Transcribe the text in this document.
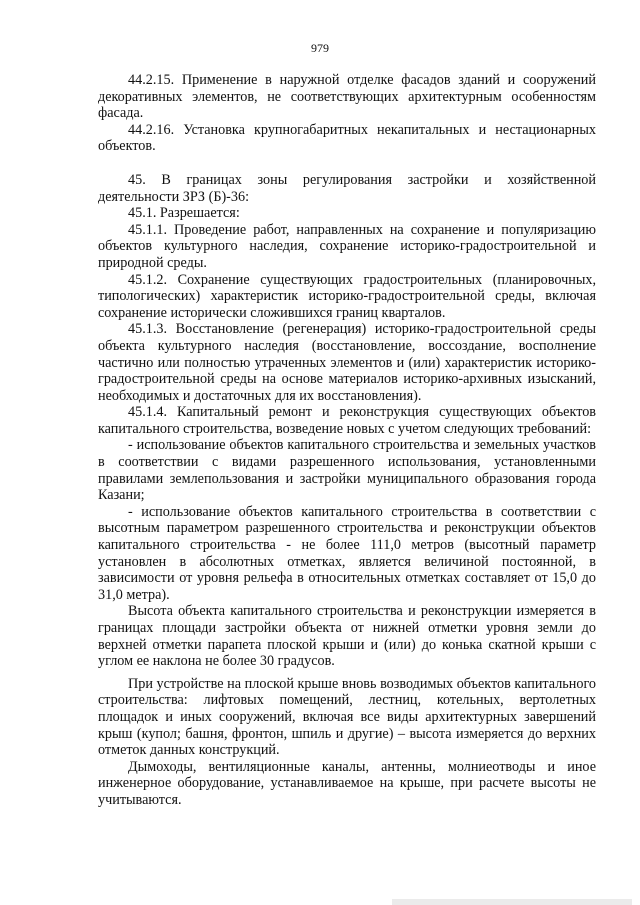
979

44.2.15. Применение в наружной отделке фасадов зданий и сооружений декоративных элементов, не соответствующих архитектурным особенностям фасада.

44.2.16. Установка крупногабаритных некапитальных и нестационарных объектов.

45. В границах зоны регулирования застройки и хозяйственной деятельности ЗРЗ (Б)-36:

45.1. Разрешается:

45.1.1. Проведение работ, направленных на сохранение и популяризацию объектов культурного наследия, сохранение историко-градостроительной и природной среды.

45.1.2. Сохранение существующих градостроительных (планировочных, типологических) характеристик историко-градостроительной среды, включая сохранение исторически сложившихся границ кварталов.

45.1.3. Восстановление (регенерация) историко-градостроительной среды объекта культурного наследия (восстановление, воссоздание, восполнение частично или полностью утраченных элементов и (или) характеристик историко-градостроительной среды на основе материалов историко-архивных изысканий, необходимых и достаточных для их восстановления).

45.1.4. Капитальный ремонт и реконструкция существующих объектов капитального строительства, возведение новых с учетом следующих требований:

- использование объектов капитального строительства и земельных участков в соответствии с видами разрешенного использования, установленными правилами землепользования и застройки муниципального образования города Казани;

- использование объектов капитального строительства в соответствии с высотным параметром разрешенного строительства и реконструкции объектов капитального строительства - не более 111,0 метров (высотный параметр установлен в абсолютных отметках, является величиной постоянной, в зависимости от уровня рельефа в относительных отметках составляет от 15,0 до 31,0 метра).

Высота объекта капитального строительства и реконструкции измеряется в границах площади застройки объекта от нижней отметки уровня земли до верхней отметки парапета плоской крыши и (или) до конька скатной крыши с углом ее наклона не более 30 градусов.

При устройстве на плоской крыше вновь возводимых объектов капитального строительства: лифтовых помещений, лестниц, котельных, вертолетных площадок и иных сооружений, включая все виды архитектурных завершений крыш (купол; башня, фронтон, шпиль и другие) – высота измеряется до верхних отметок данных конструкций.

Дымоходы, вентиляционные каналы, антенны, молниеотводы и иное инженерное оборудование, устанавливаемое на крыше, при расчете высоты не учитываются.
